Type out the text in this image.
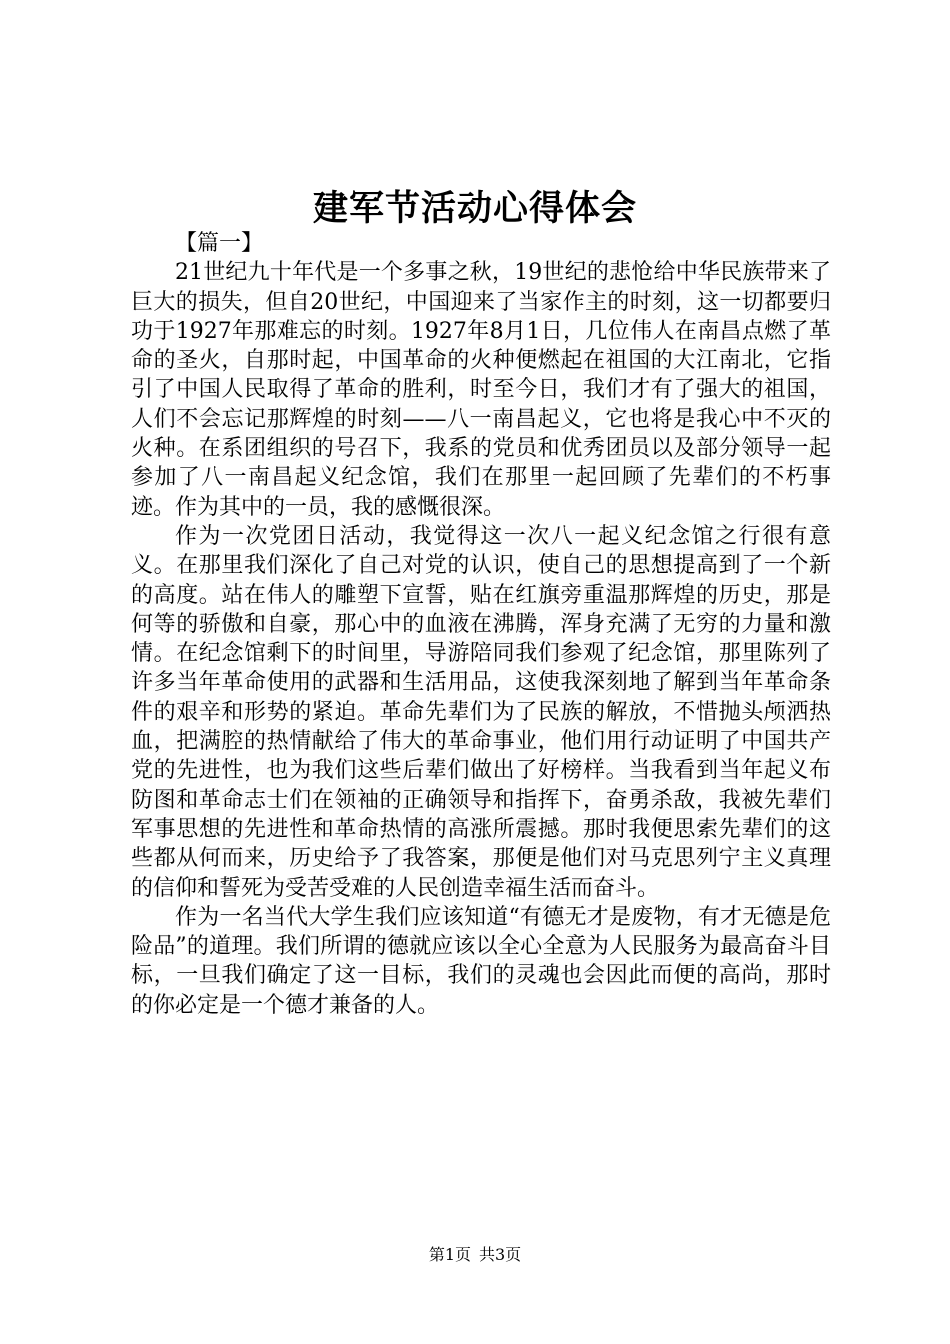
建军节活动心得体会

【篇一】

21世纪九十年代是一个多事之秋，19世纪的悲怆给中华民族带来了巨大的损失，但自20世纪，中国迎来了当家作主的时刻，这一切都要归功于1927年那难忘的时刻。1927年8月1日，几位伟人在南昌点燃了革命的圣火，自那时起，中国革命的火种便燃起在祖国的大江南北，它指引了中国人民取得了革命的胜利，时至今日，我们才有了强大的祖国，人们不会忘记那辉煌的时刻——八一南昌起义，它也将是我心中不灭的火种。在系团组织的号召下，我系的党员和优秀团员以及部分领导一起参加了八一南昌起义纪念馆，我们在那里一起回顾了先辈们的不朽事迹。作为其中的一员，我的感慨很深。

作为一次党团日活动，我觉得这一次八一起义纪念馆之行很有意义。在那里我们深化了自己对党的认识，使自己的思想提高到了一个新的高度。站在伟人的雕塑下宣誓，贴在红旗旁重温那辉煌的历史，那是何等的骄傲和自豪，那心中的血液在沸腾，浑身充满了无穷的力量和激情。在纪念馆剩下的时间里，导游陪同我们参观了纪念馆，那里陈列了许多当年革命使用的武器和生活用品，这使我深刻地了解到当年革命条件的艰辛和形势的紧迫。革命先辈们为了民族的解放，不惜抛头颅洒热血，把满腔的热情献给了伟大的革命事业，他们用行动证明了中国共产党的先进性，也为我们这些后辈们做出了好榜样。当我看到当年起义布防图和革命志士们在领袖的正确领导和指挥下，奋勇杀敌，我被先辈们军事思想的先进性和革命热情的高涨所震撼。那时我便思索先辈们的这些都从何而来，历史给予了我答案，那便是他们对马克思列宁主义真理的信仰和誓死为受苦受难的人民创造幸福生活而奋斗。

作为一名当代大学生我们应该知道“有德无才是废物，有才无德是危险品”的道理。我们所谓的德就应该以全心全意为人民服务为最高奋斗目标，一旦我们确定了这一目标，我们的灵魂也会因此而便的高尚，那时的你必定是一个德才兼备的人。

第1页 共3页
